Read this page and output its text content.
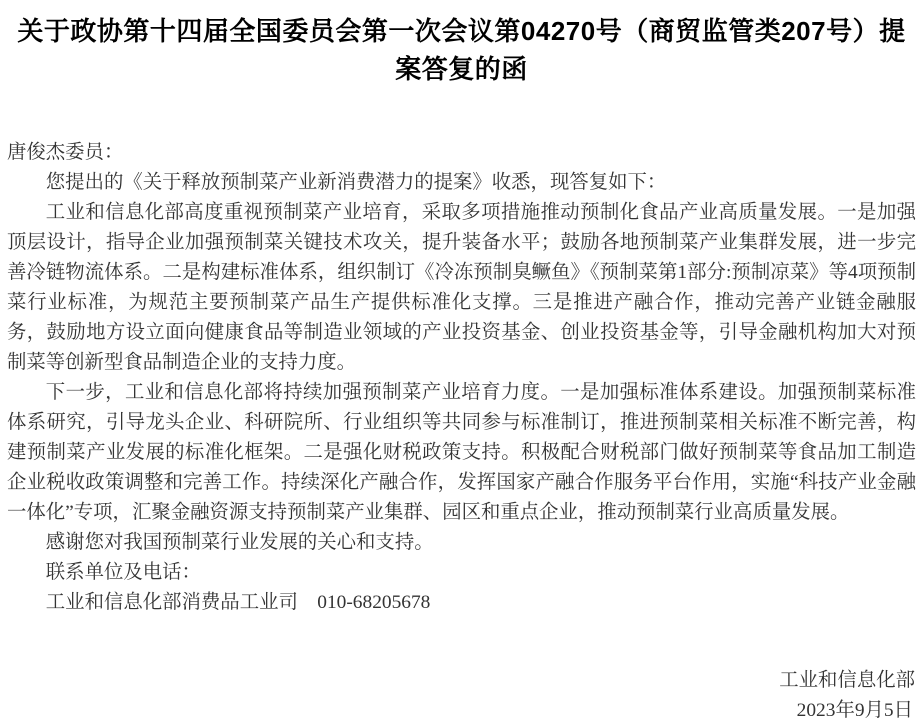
关于政协第十四届全国委员会第一次会议第04270号（商贸监管类207号）提案答复的函

唐俊杰委员：

您提出的《关于释放预制菜产业新消费潜力的提案》收悉，现答复如下：

工业和信息化部高度重视预制菜产业培育，采取多项措施推动预制化食品产业高质量发展。一是加强顶层设计，指导企业加强预制菜关键技术攻关，提升装备水平；鼓励各地预制菜产业集群发展，进一步完善冷链物流体系。二是构建标准体系，组织制订《冷冻预制臭鳜鱼》《预制菜第1部分:预制凉菜》等4项预制菜行业标准，为规范主要预制菜产品生产提供标准化支撑。三是推进产融合作，推动完善产业链金融服务，鼓励地方设立面向健康食品等制造业领域的产业投资基金、创业投资基金等，引导金融机构加大对预制菜等创新型食品制造企业的支持力度。

下一步，工业和信息化部将持续加强预制菜产业培育力度。一是加强标准体系建设。加强预制菜标准体系研究，引导龙头企业、科研院所、行业组织等共同参与标准制订，推进预制菜相关标准不断完善，构建预制菜产业发展的标准化框架。二是强化财税政策支持。积极配合财税部门做好预制菜等食品加工制造企业税收政策调整和完善工作。持续深化产融合作，发挥国家产融合作服务平台作用，实施“科技产业金融一体化”专项，汇聚金融资源支持预制菜产业集群、园区和重点企业，推动预制菜行业高质量发展。

感谢您对我国预制菜行业发展的关心和支持。

联系单位及电话：

工业和信息化部消费品工业司　010-68205678

工业和信息化部
2023年9月5日
